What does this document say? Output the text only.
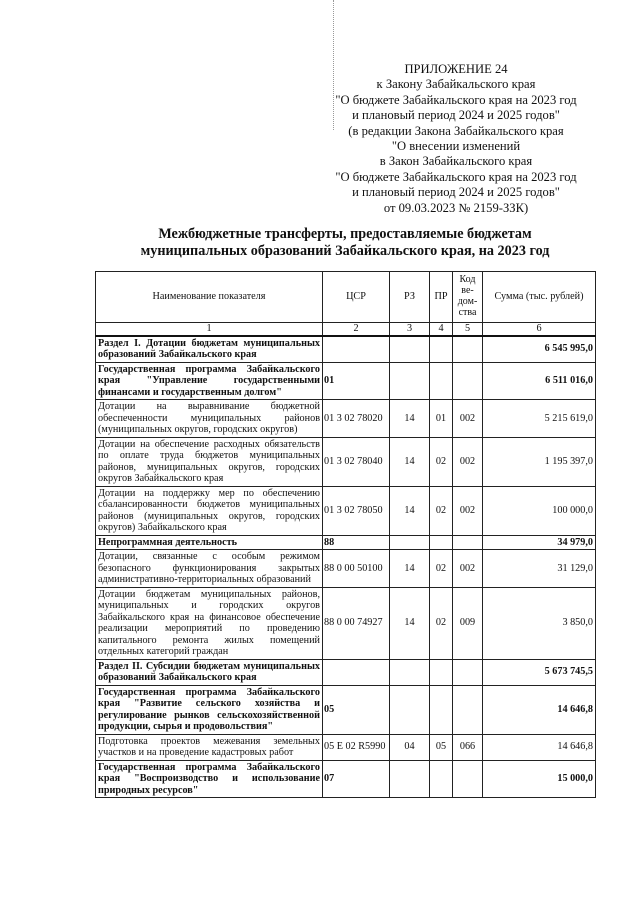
ПРИЛОЖЕНИЕ 24
к Закону Забайкальского края
"О бюджете Забайкальского края на 2023 год
и плановый период 2024 и 2025 годов"
(в редакции Закона Забайкальского края
"О внесении изменений
в Закон Забайкальского края
"О бюджете Забайкальского края на 2023 год
и плановый период 2024 и 2025 годов"
от 09.03.2023 № 2159-ЗЗК)
Межбюджетные трансферты, предоставляемые бюджетам
муниципальных образований Забайкальского края, на 2023 год
Наименование показателя	ЦСР	РЗ	ПР	Код ве-дом-ства	Сумма (тыс. рублей)
1	2	3	4	5	6
Раздел I. Дотации бюджетам муниципальных образований Забайкальского края					6 545 995,0
Государственная программа Забайкальского края "Управление государственными финансами и государственным долгом"	01				6 511 016,0
Дотации на выравнивание бюджетной обеспеченности муниципальных районов (муниципальных округов, городских округов)	01 3 02 78020	14	01	002	5 215 619,0
Дотации на обеспечение расходных обязательств по оплате труда бюджетов муниципальных районов, муниципальных округов, городских округов Забайкальского края	01 3 02 78040	14	02	002	1 195 397,0
Дотации на поддержку мер по обеспечению сбалансированности бюджетов муниципальных районов (муниципальных округов, городских округов) Забайкальского края	01 3 02 78050	14	02	002	100 000,0
Непрограммная деятельность	88				34 979,0
Дотации, связанные с особым режимом безопасного функционирования закрытых административно-территориальных образований	88 0 00 50100	14	02	002	31 129,0
Дотации бюджетам муниципальных районов, муниципальных и городских округов Забайкальского края на финансовое обеспечение реализации мероприятий по проведению капитального ремонта жилых помещений отдельных категорий граждан	88 0 00 74927	14	02	009	3 850,0
Раздел II. Субсидии бюджетам муниципальных образований Забайкальского края					5 673 745,5
Государственная программа Забайкальского края "Развитие сельского хозяйства и регулирование рынков сельскохозяйственной продукции, сырья и продовольствия"	05				14 646,8
Подготовка проектов межевания земельных участков и на проведение кадастровых работ	05 Е 02 R5990	04	05	066	14 646,8
Государственная программа Забайкальского края "Воспроизводство и использование природных ресурсов"	07				15 000,0
